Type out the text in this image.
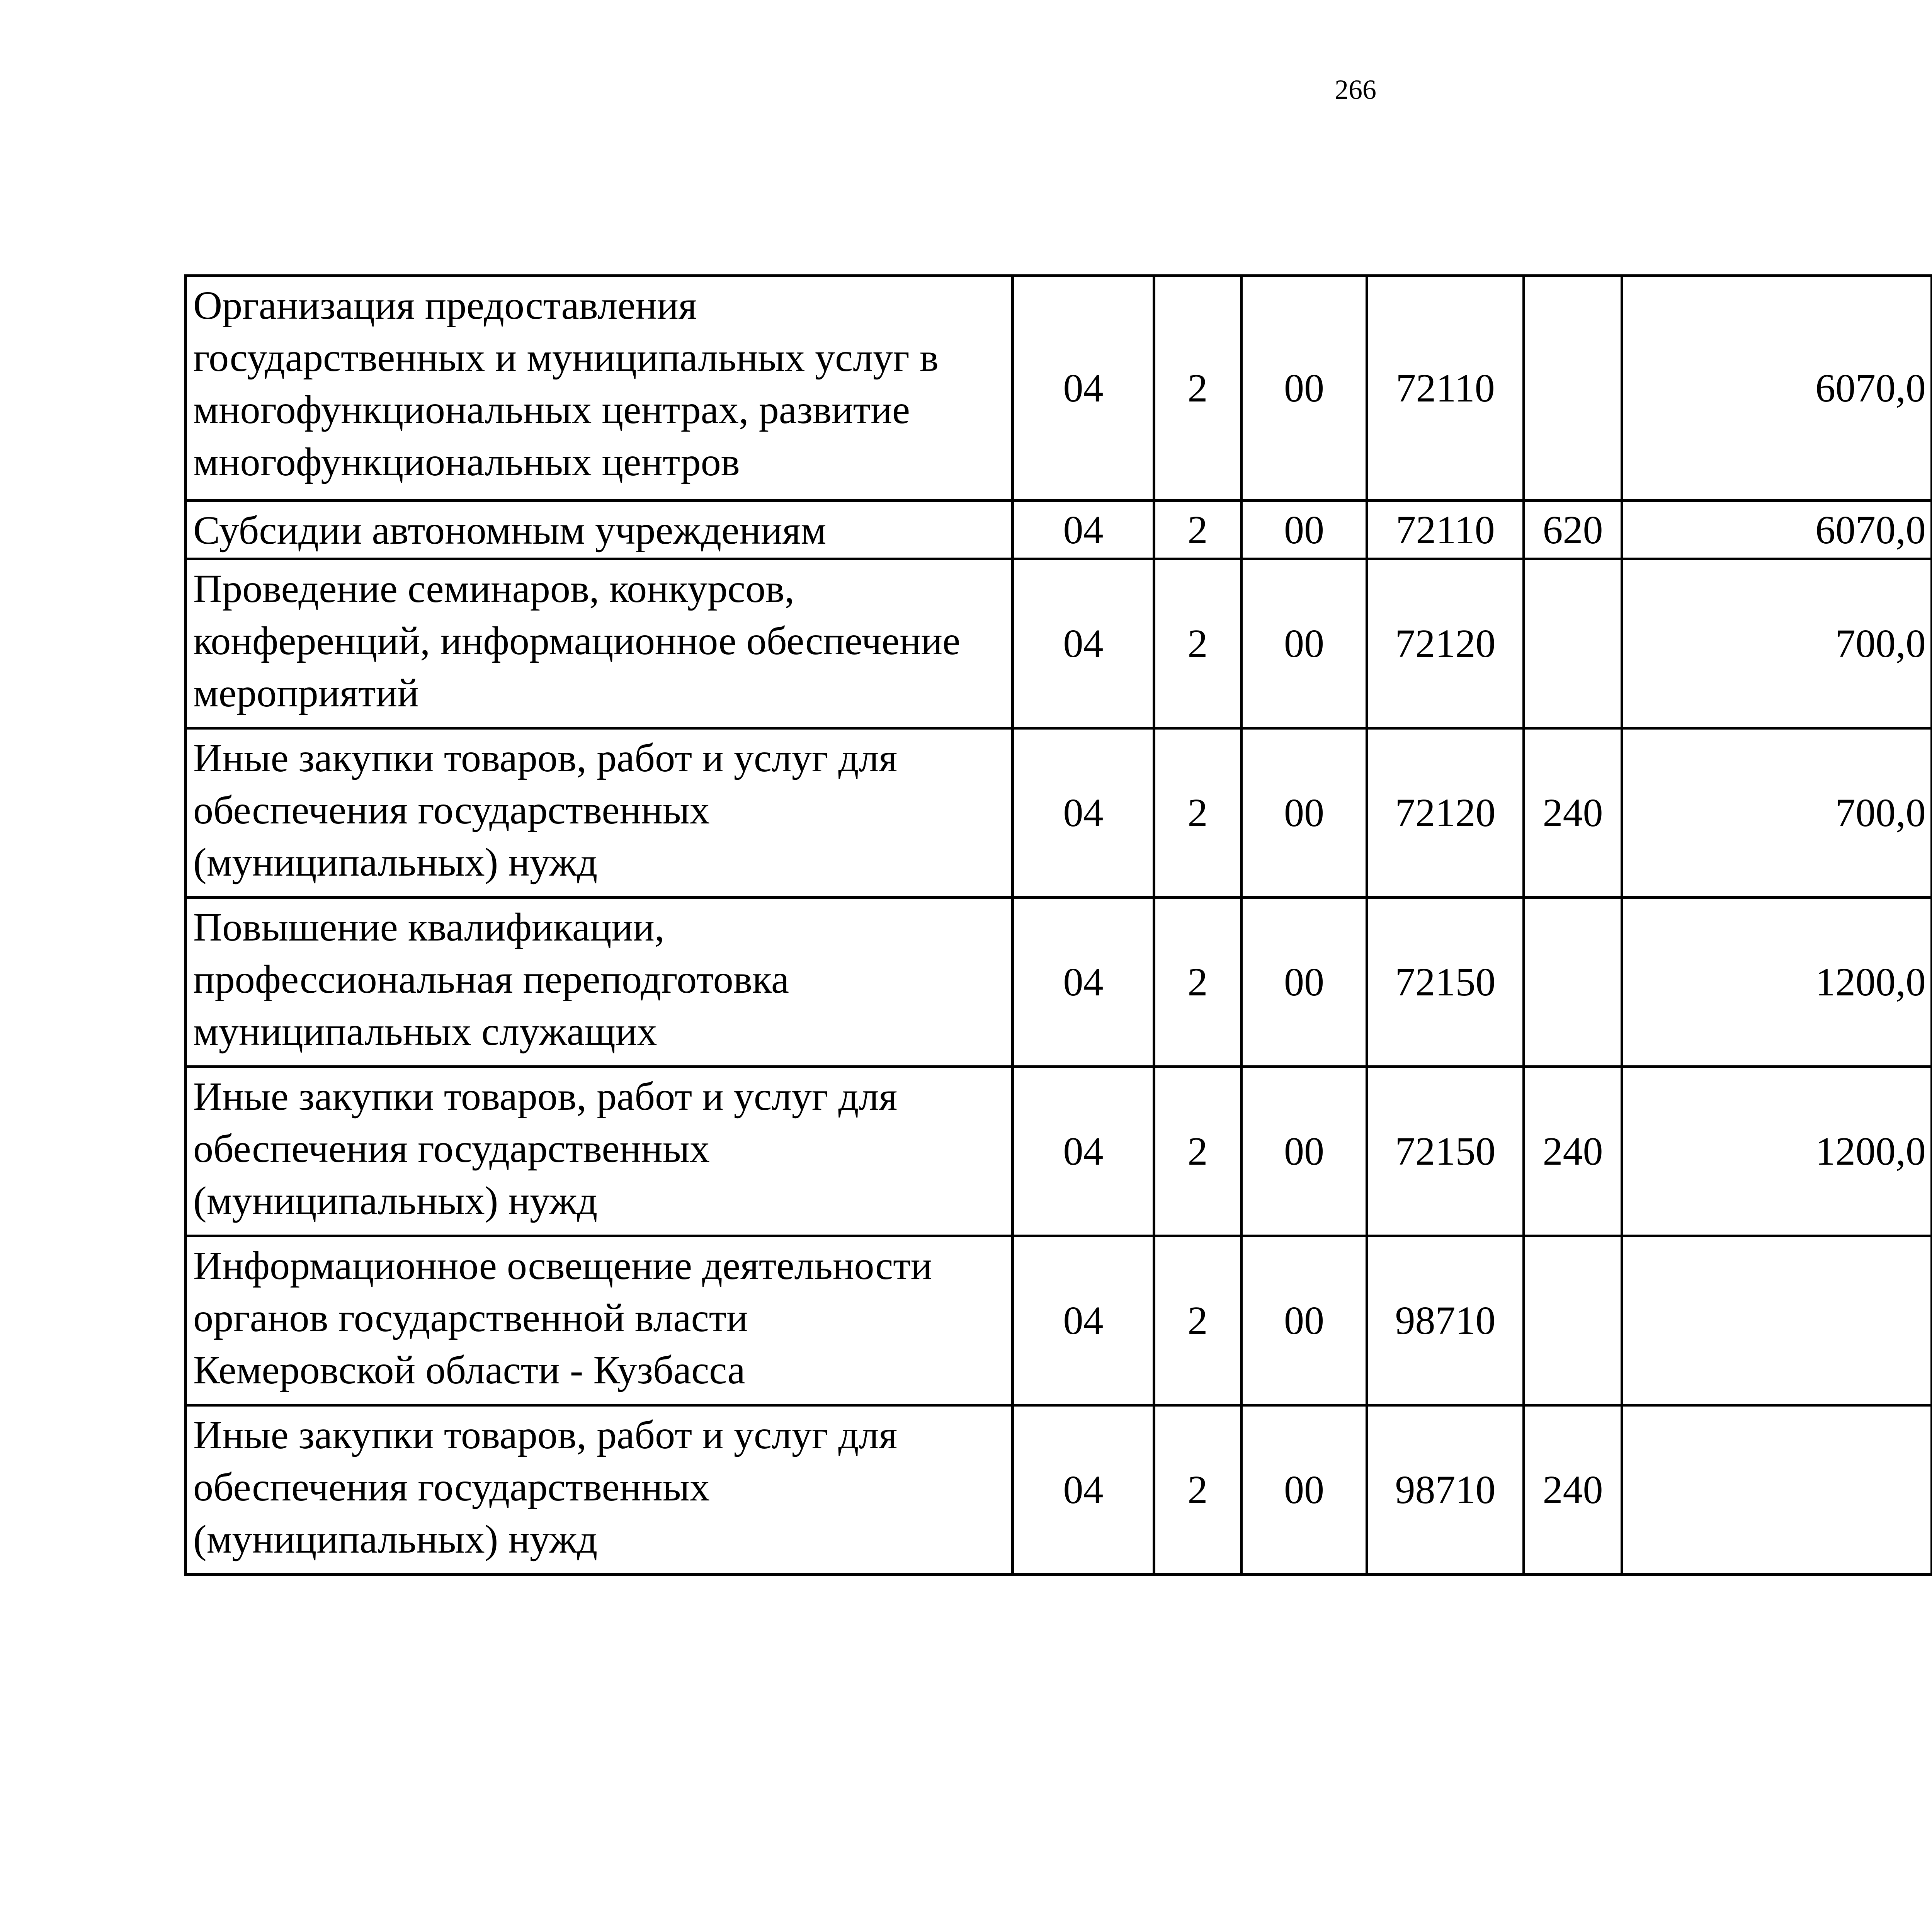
266
Организация предоставления
государственных и муниципальных услуг в
многофункциональных центрах, развитие
многофункциональных центров	04	2	00	72110		6070,0		

Субсидии автономным учреждениям	04	2	00	72110	620	6070,0		

Проведение семинаров, конкурсов,
конференций, информационное обеспечение
мероприятий	04	2	00	72120		700,0		

Иные закупки товаров, работ и услуг для
обеспечения государственных
(муниципальных) нужд	04	2	00	72120	240	700,0		

Повышение квалификации,
профессиональная переподготовка
муниципальных служащих	04	2	00	72150		1200,0		

Иные закупки товаров, работ и услуг для
обеспечения государственных
(муниципальных) нужд	04	2	00	72150	240	1200,0		

Информационное освещение деятельности
органов государственной власти
Кемеровской области - Кузбасса	04	2	00	98710				

Иные закупки товаров, работ и услуг для
обеспечения государственных
(муниципальных) нужд	04	2	00	98710	240			
